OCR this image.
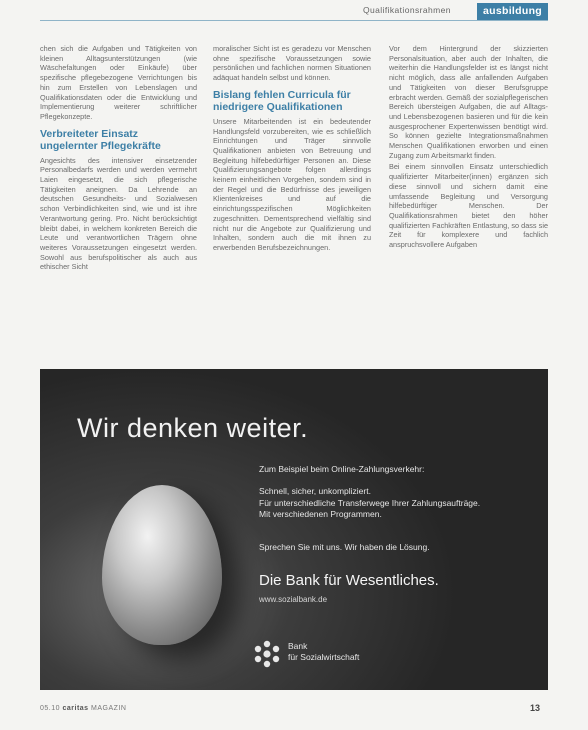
Qualifikationsrahmen	ausbildung

chen sich die Aufgaben und Tätigkeiten von kleinen Alltagsunterstützungen (wie Wäschefaltungen oder Einkäufe) über spezifische pflegebezogene Verrichtungen bis hin zum Erstellen von Lebenslagen und Qualifikationsdaten oder die Entwicklung und Implementierung weiterer schriftlicher Pflegekonzepte.

Verbreiteter Einsatz ungelernter Pflegekräfte

Angesichts des intensiver einsetzender Personalbedarfs werden und werden vermehrt Laien eingesetzt, die sich pflegerische Tätigkeiten aneignen. Da Lehrende an deutschen Gesundheits- und Sozialwesen schon Verbindlichkeiten sind, wie und ist ihre Verantwortung gering. Pro. Nicht berücksichtigt bleibt dabei, in welchem konkreten Bereich die Leute und verantwortlichen Trägern ohne weiteres Voraussetzungen eingesetzt werden. Sowohl aus berufspolitischer als auch aus ethischer Sicht

moralischer Sicht ist es geradezu vor Menschen ohne spezifische Voraussetzungen sowie persönlichen und fachlichen normen Situationen adäquat handeln selbst und können.

Bislang fehlen Curricula für niedrigere Qualifikationen

Unsere Mitarbeitenden ist ein bedeutender Handlungsfeld vorzubereiten, wie es schließlich Einrichtungen und Träger sinnvolle Qualifikationen anbieten von Betreuung und Begleitung hilfebedürftiger Personen an. Diese Qualifizierungsangebote folgen allerdings keinem einheitlichen Vorgehen, sondern sind in der Regel und die Bedürfnisse des jeweiligen Klientenkreises und auf die einrichtungsspezifischen Möglichkeiten zugeschnitten. Dementsprechend vielfältig sind nicht nur die Angebote zur Qualifizierung und Inhalten, sondern auch die mit ihnen zu erwerbenden Berufsbezeichnungen.

Vor dem Hintergrund der skizzierten Personalsituation, aber auch der Inhalten, die weiterhin die Handlungsfelder ist es längst nicht nicht möglich, dass alle anfallenden Aufgaben und Tätigkeiten von dieser Berufsgruppe erbracht werden. Gemäß der sozialpflegerischen Bereich übersteigen Aufgaben, die auf Alltags- und Lebensbezogenen basieren und für die kein ausgesprochener Expertenwissen benötigt wird. So können gezielte Integrationsmaßnahmen Menschen Qualifikationen erworben und einen Zugang zum Arbeitsmarkt finden.

Bei einem sinnvollen Einsatz unterschiedlich qualifizierter Mitarbeiter(innen) ergänzen sich diese sinnvoll und sichern damit eine umfassende Begleitung und Versorgung hilfebedürftiger Menschen. Der Qualifikationsrahmen bietet den höher qualifizierten Fachkräften Entlastung, so dass sie Zeit für komplexere und fachlich anspruchsvollere Aufgaben

Wir denken weiter.
Zum Beispiel beim Online-Zahlungsverkehr:
Schnell, sicher, unkompliziert.
Für unterschiedliche Transferwege Ihrer Zahlungsaufträge.
Mit verschiedenen Programmen.
Sprechen Sie mit uns. Wir haben die Lösung.
Die Bank für Wesentliches.
www.sozialbank.de
Bank
für Sozialwirtschaft
05.10 caritas MAGAZIN	13
